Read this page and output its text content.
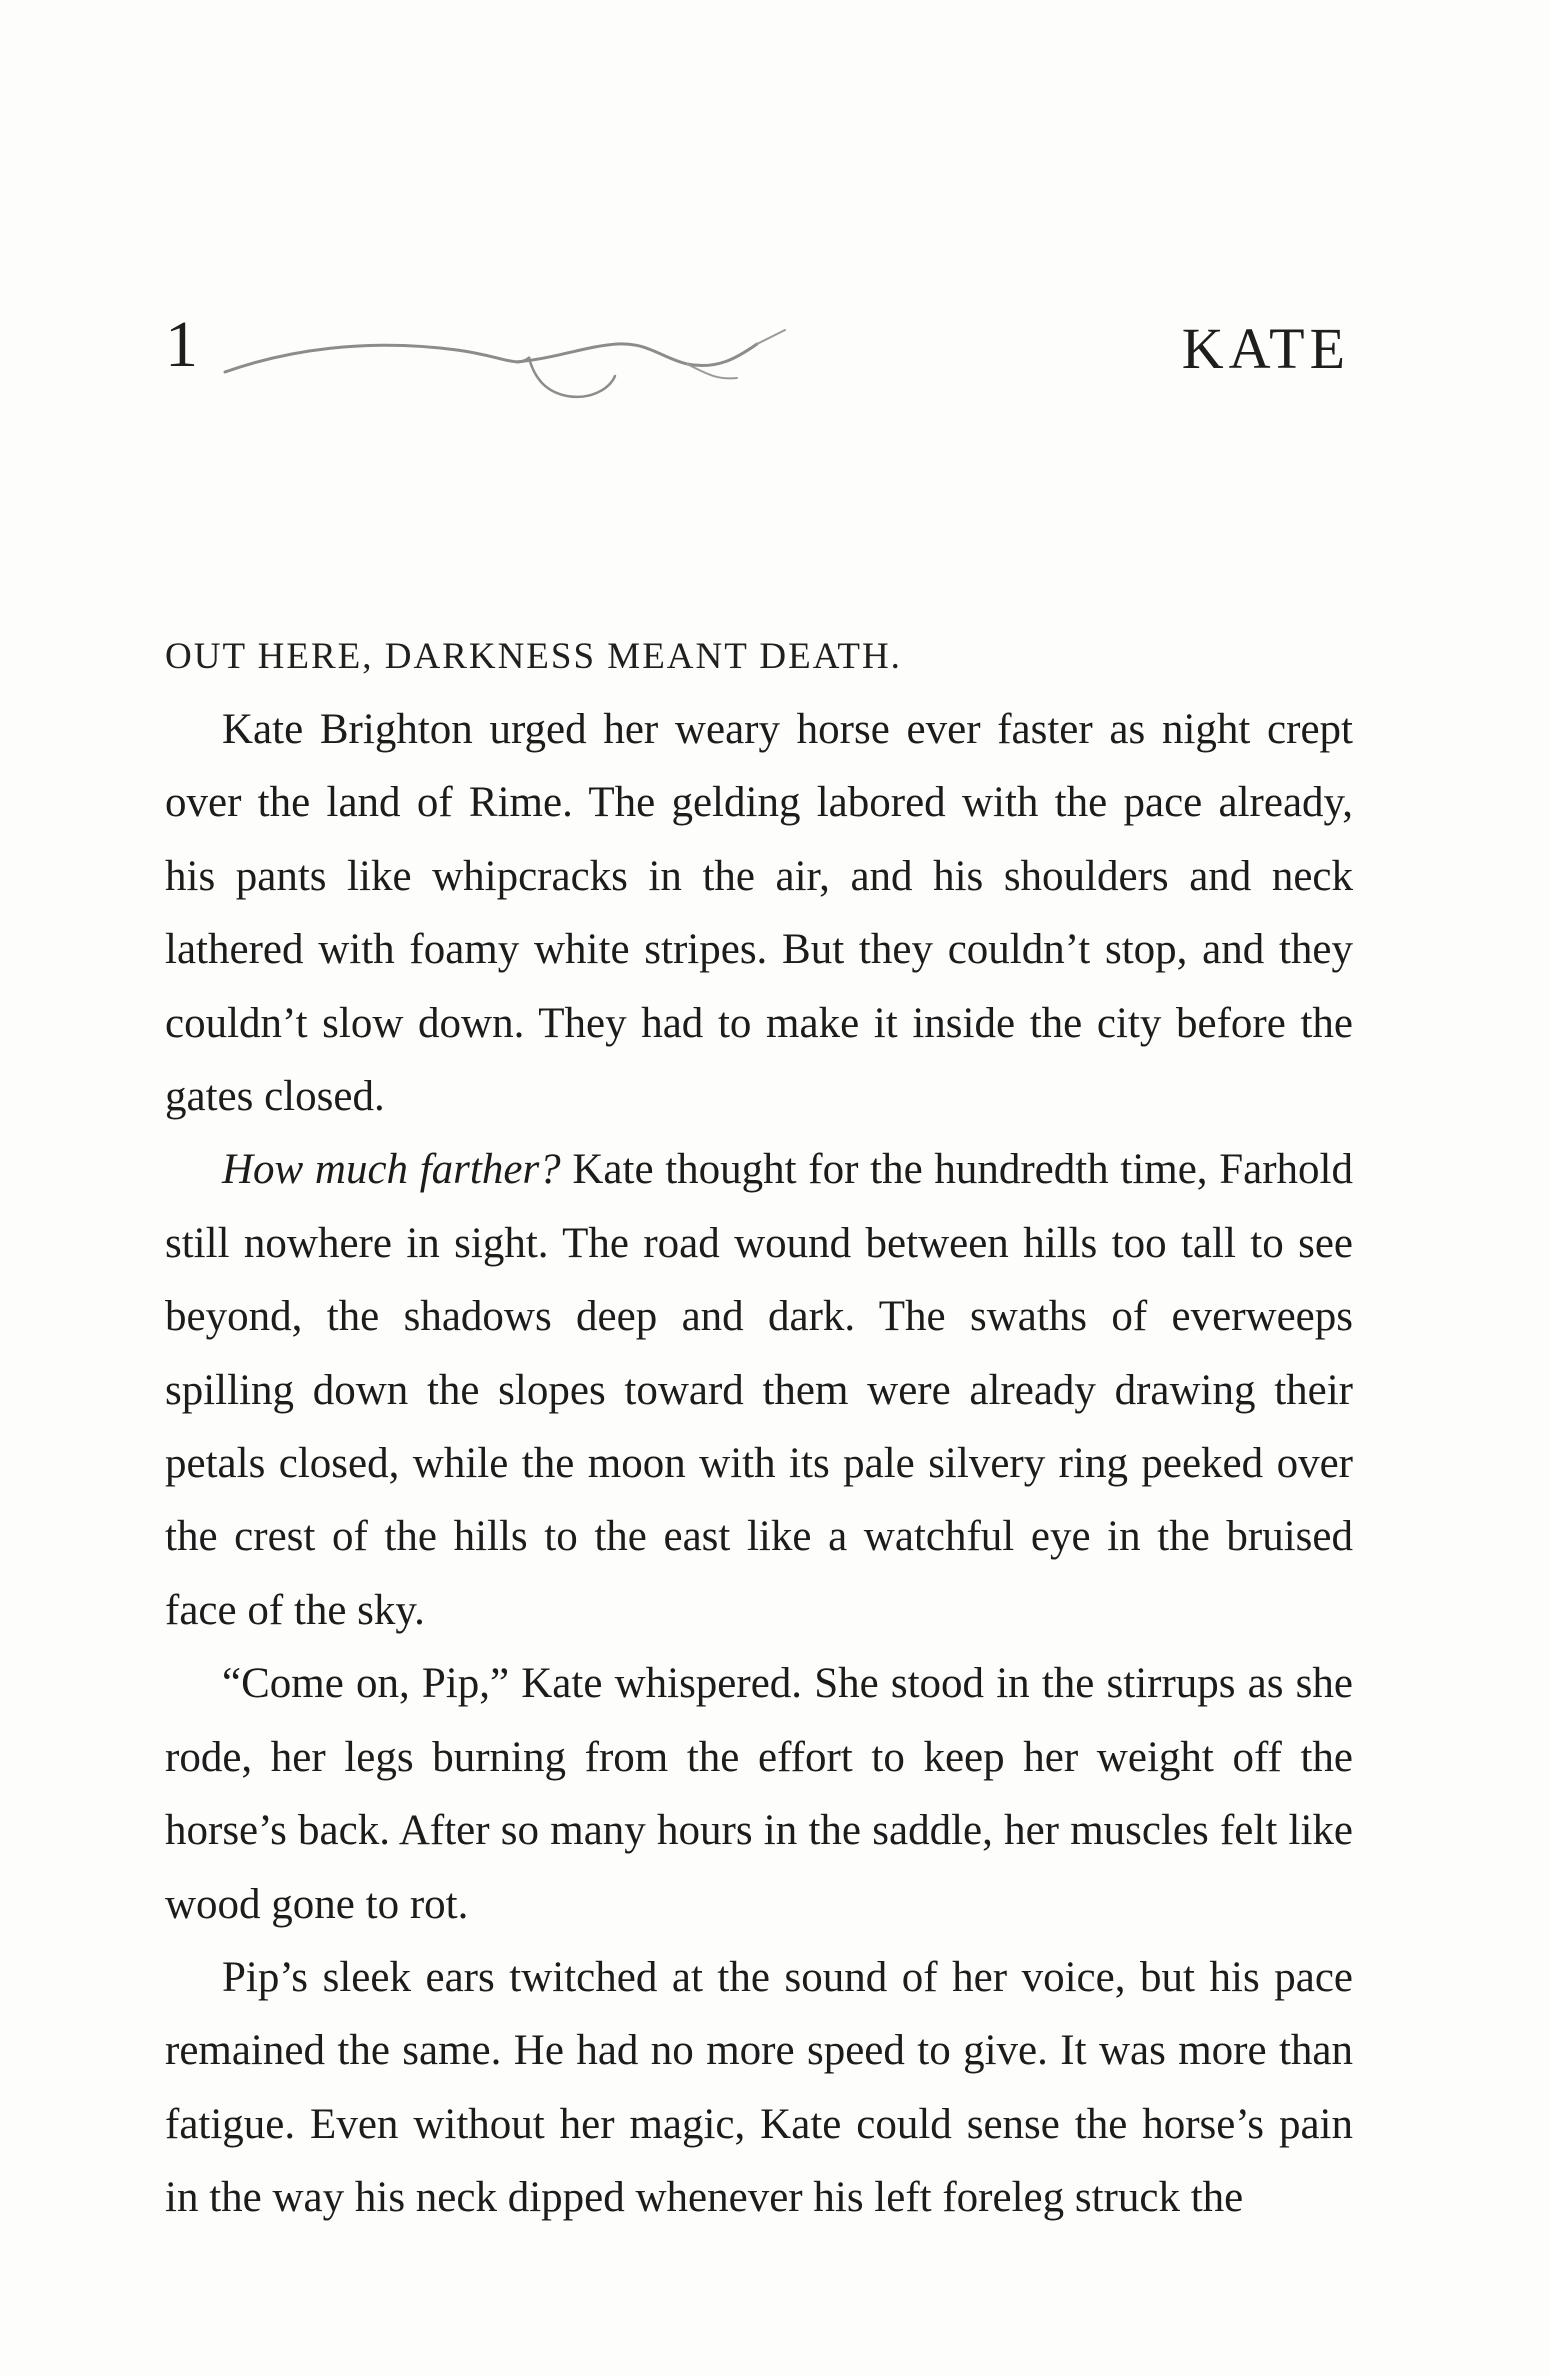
1	KATE

OUT HERE, DARKNESS MEANT DEATH.

Kate Brighton urged her weary horse ever faster as night crept over the land of Rime. The gelding labored with the pace already, his pants like whipcracks in the air, and his shoulders and neck lathered with foamy white stripes. But they couldn’t stop, and they couldn’t slow down. They had to make it inside the city before the gates closed.

How much farther? Kate thought for the hundredth time, Farhold still nowhere in sight. The road wound between hills too tall to see beyond, the shadows deep and dark. The swaths of everweeps spilling down the slopes toward them were already drawing their petals closed, while the moon with its pale silvery ring peeked over the crest of the hills to the east like a watchful eye in the bruised face of the sky.

“Come on, Pip,” Kate whispered. She stood in the stirrups as she rode, her legs burning from the effort to keep her weight off the horse’s back. After so many hours in the saddle, her muscles felt like wood gone to rot.

Pip’s sleek ears twitched at the sound of her voice, but his pace remained the same. He had no more speed to give. It was more than fatigue. Even without her magic, Kate could sense the horse’s pain in the way his neck dipped whenever his left foreleg struck the
